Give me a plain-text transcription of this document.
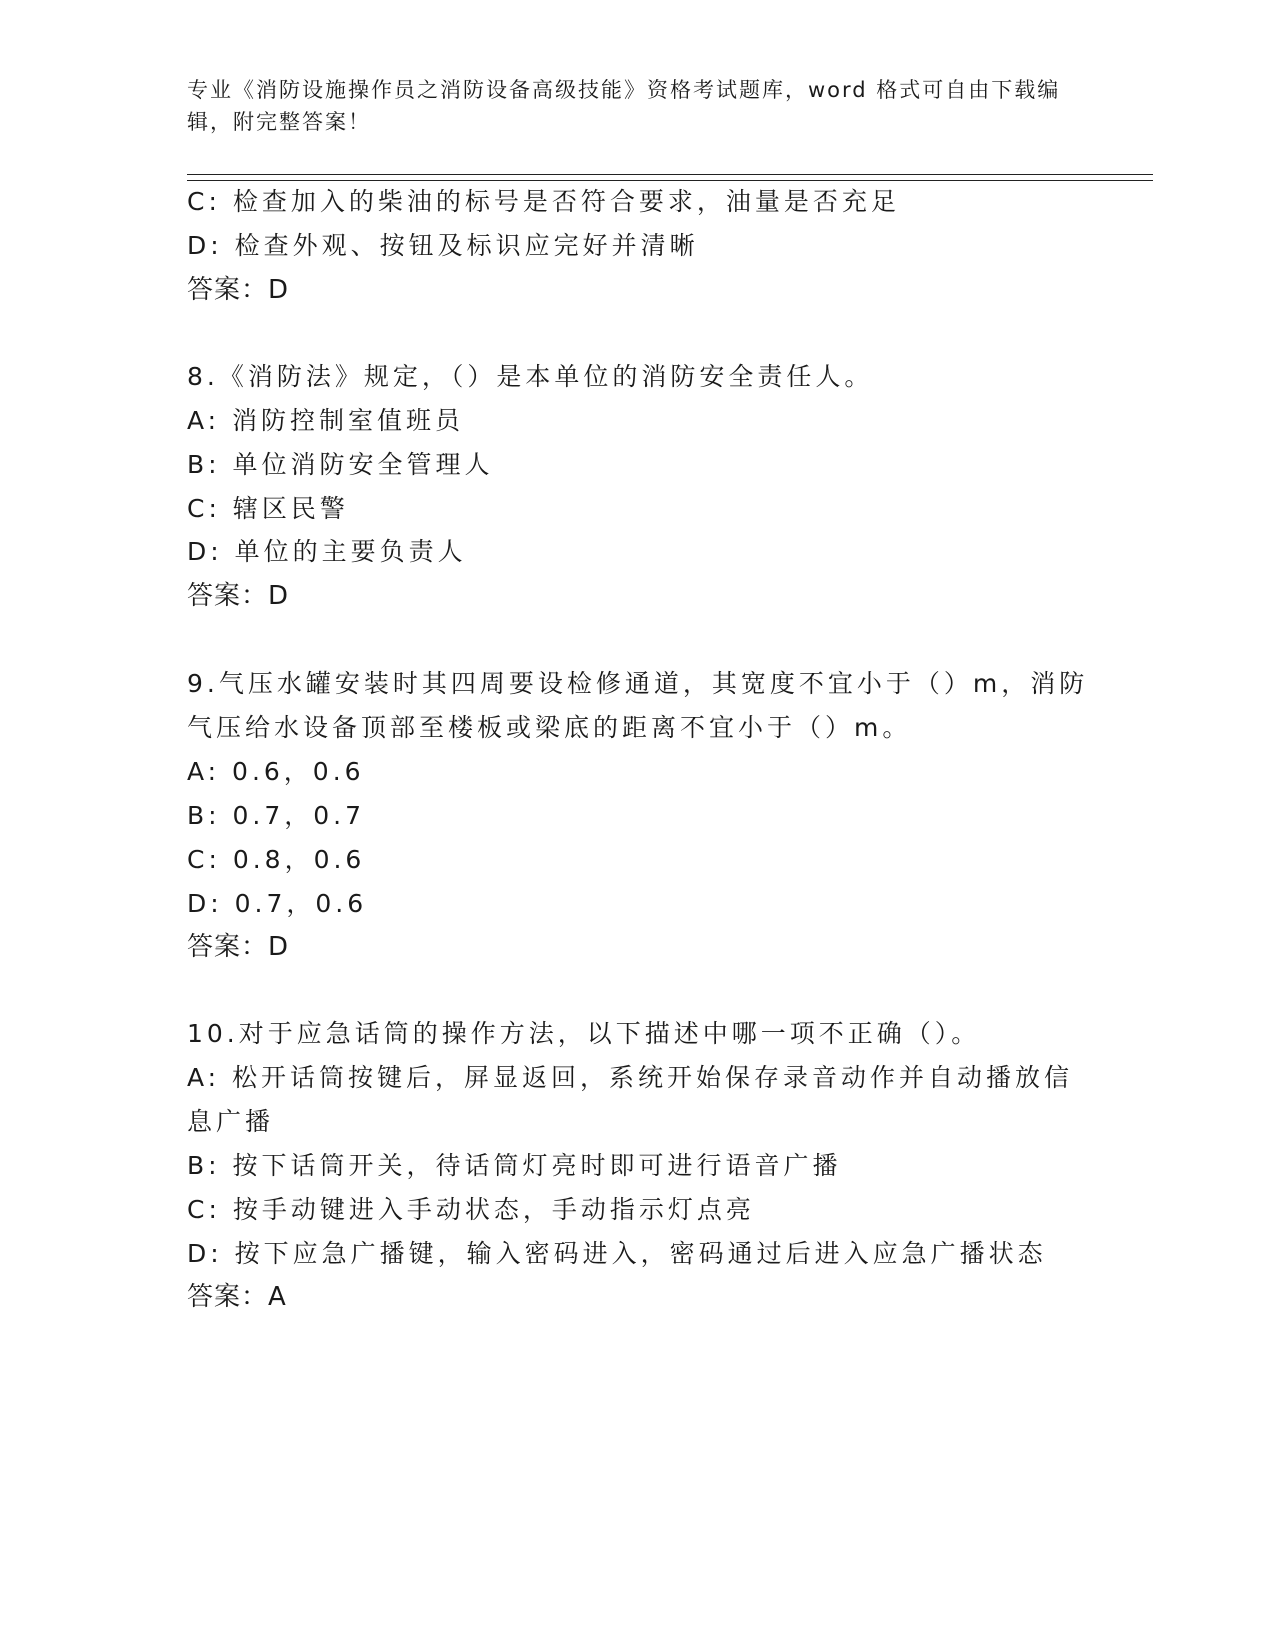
专业《消防设施操作员之消防设备高级技能》资格考试题库，word 格式可自由下载编辑，附完整答案！
C: 检查加入的柴油的标号是否符合要求，油量是否充足
D: 检查外观、按钮及标识应完好并清晰
答案：D
8.《消防法》规定，（）是本单位的消防安全责任人。
A: 消防控制室值班员
B: 单位消防安全管理人
C: 辖区民警
D: 单位的主要负责人
答案：D
9.气压水罐安装时其四周要设检修通道，其宽度不宜小于（）m，消防
气压给水设备顶部至楼板或梁底的距离不宜小于（）m。
A: 0.6，0.6
B: 0.7，0.7
C: 0.8，0.6
D: 0.7，0.6
答案：D
10.对于应急话筒的操作方法，以下描述中哪一项不正确（）。
A: 松开话筒按键后，屏显返回，系统开始保存录音动作并自动播放信
息广播
B: 按下话筒开关，待话筒灯亮时即可进行语音广播
C: 按手动键进入手动状态，手动指示灯点亮
D: 按下应急广播键，输入密码进入，密码通过后进入应急广播状态
答案：A
